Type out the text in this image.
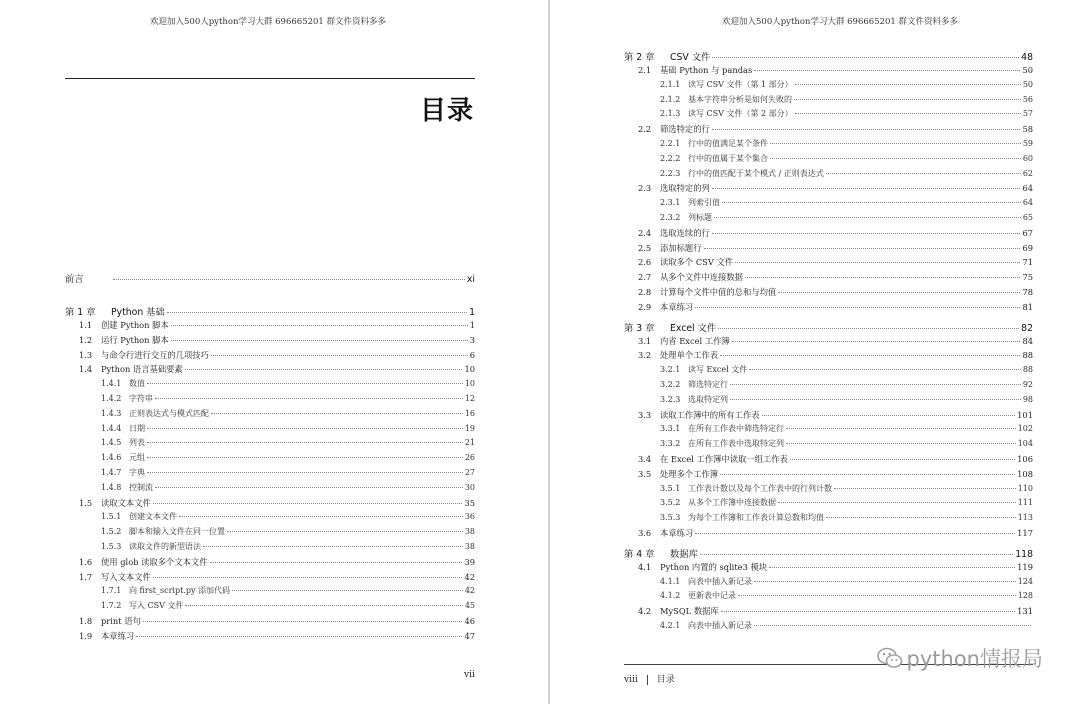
欢迎加入500人python学习大群 696665201 群文件资料多多
目录
前言	xi
第 1 章	Python 基础	1
1.1	创建 Python 脚本	1
1.2	运行 Python 脚本	3
1.3	与命令行进行交互的几项技巧	6
1.4	Python 语言基础要素	10
1.4.1 数值	10
1.4.2 字符串	12
1.4.3 正则表达式与模式匹配	16
1.4.4 日期	19
1.4.5 列表	21
1.4.6 元组	26
1.4.7 字典	27
1.4.8 控制流	30
1.5	读取文本文件	35
1.5.1 创建文本文件	36
1.5.2 脚本和输入文件在同一位置	38
1.5.3 读取文件的新型语法	38
1.6	使用 glob 读取多个文本文件	39
1.7	写入文本文件	42
1.7.1 向 first_script.py 添加代码	42
1.7.2 写入 CSV 文件	45
1.8	print 语句	46
1.9	本章练习	47
vii
欢迎加入500人python学习大群 696665201 群文件资料多多
第 2 章	CSV 文件	48
2.1	基础 Python 与 pandas	50
2.1.1 读写 CSV 文件（第 1 部分）	50
2.1.2 基本字符串分析是如何失败的	56
2.1.3 读写 CSV 文件（第 2 部分）	57
2.2	筛选特定的行	58
2.2.1 行中的值满足某个条件	59
2.2.2 行中的值属于某个集合	60
2.2.3 行中的值匹配于某个模式 / 正则表达式	62
2.3	选取特定的列	64
2.3.1 列索引值	64
2.3.2 列标题	65
2.4	选取连续的行	67
2.5	添加标题行	69
2.6	读取多个 CSV 文件	71
2.7	从多个文件中连接数据	75
2.8	计算每个文件中值的总和与均值	78
2.9	本章练习	81
第 3 章	Excel 文件	82
3.1	内省 Excel 工作簿	84
3.2	处理单个工作表	88
3.2.1 读写 Excel 文件	88
3.2.2 筛选特定行	92
3.2.3 选取特定列	98
3.3	读取工作簿中的所有工作表	101
3.3.1 在所有工作表中筛选特定行	102
3.3.2 在所有工作表中选取特定列	104
3.4	在 Excel 工作簿中读取一组工作表	106
3.5	处理多个工作簿	108
3.5.1 工作表计数以及每个工作表中的行列计数	110
3.5.2 从多个工作簿中连接数据	111
3.5.3 为每个工作簿和工作表计算总数和均值	113
3.6	本章练习	117
第 4 章	数据库	118
4.1	Python 内置的 sqlite3 模块	119
4.1.1 向表中插入新记录	124
4.1.2 更新表中记录	128
4.2	MySQL 数据库	131
4.2.1 向表中插入新记录
viii 目录
python情报局
